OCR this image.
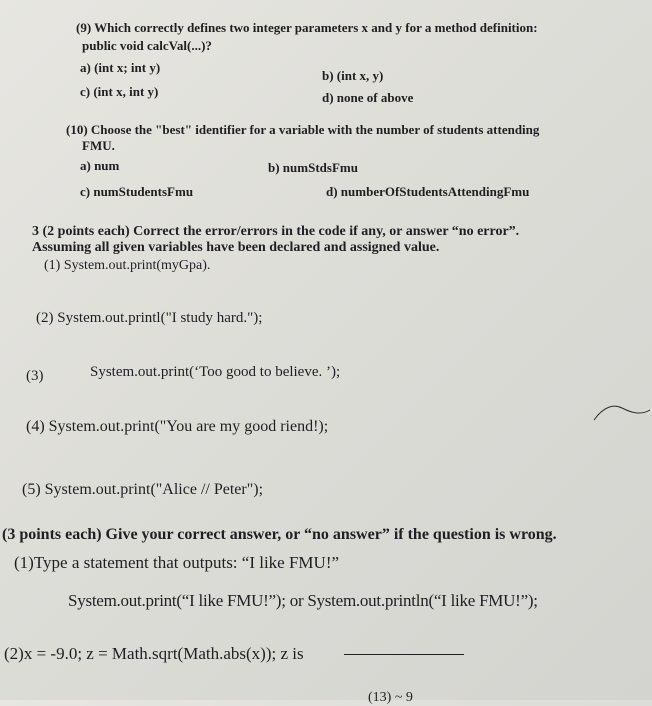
(9) Which correctly defines two integer parameters x and y for a method definition:
public void calcVal(...)?
a) (int x; int y)
b) (int x, y)
c) (int x, int y)	d) none of above
(10) Choose the "best" identifier for a variable with the number of students attending
FMU.
a) num	b) numStdsFmu
c) numStudentsFmu	d) numberOfStudentsAttendingFmu
3 (2 points each) Correct the error/errors in the code if any, or answer “no error”.
Assuming all given variables have been declared and assigned value.
(1) System.out.print(myGpa).
(2) System.out.printl("I study hard.");
(3)	System.out.print(‘Too good to believe. ’);
(4) System.out.print("You are my good riend!);
(5) System.out.print("Alice // Peter");
(3 points each) Give your correct answer, or “no answer” if the question is wrong.
(1)Type a statement that outputs: “I like FMU!”
System.out.print(“I like FMU!”); or System.out.println(“I like FMU!”);
(2)x = -9.0; z = Math.sqrt(Math.abs(x)); z is
(13) ~ 9
